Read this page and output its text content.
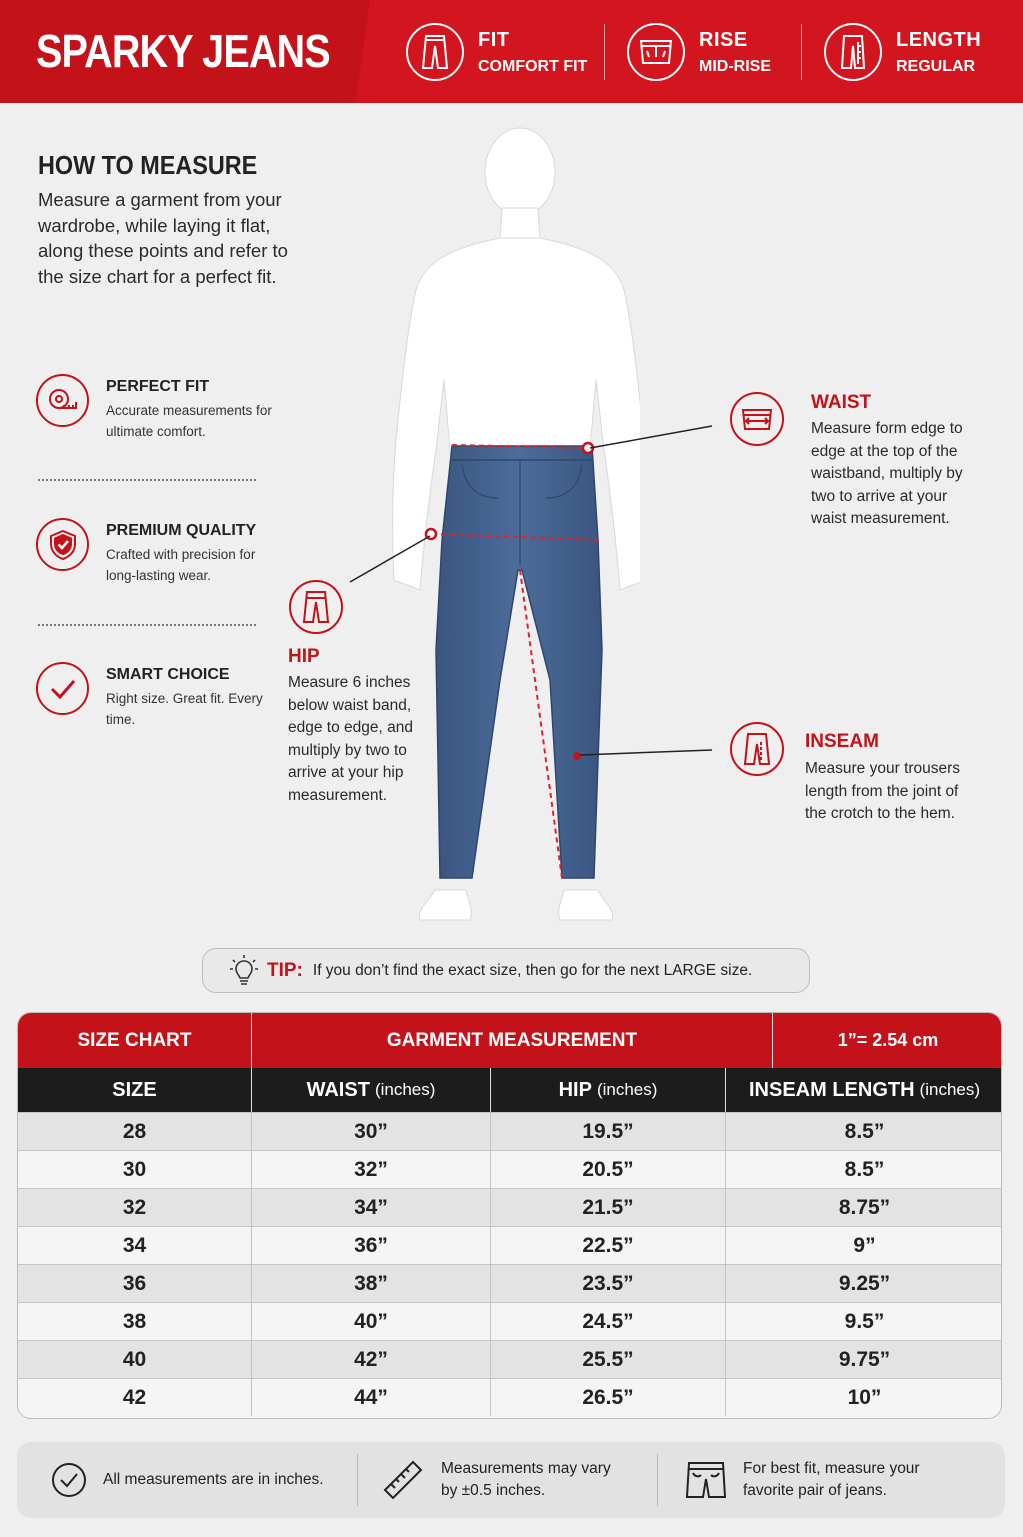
SPARKY JEANS	FIT
COMFORT FIT
RISE
MID-RISE
LENGTH
REGULAR
HOW TO MEASURE
Measure a garment from your wardrobe, while laying it flat, along these points and refer to the size chart for a perfect fit.
PERFECT FIT
Accurate measurements for ultimate comfort.
PREMIUM QUALITY
Crafted with precision for long-lasting wear.
SMART CHOICE
Right size. Great fit. Every time.
WAIST
Measure form edge to edge at the top of the waistband, multiply by two to arrive at your waist measurement.
HIP
Measure 6 inches below waist band, edge to edge, and multiply by two to arrive at your hip measurement.
INSEAM
Measure your trousers length from the joint of the crotch to the hem.
TIP: If you don’t find the exact size, then go for the next LARGE size.
SIZE CHART	GARMENT MEASUREMENT	1”= 2.54 cm
SIZE	WAIST (inches)	HIP (inches)	INSEAM LENGTH (inches)
28	30”	19.5”	8.5”
30	32”	20.5”	8.5”
32	34”	21.5”	8.75”
34	36”	22.5”	9”
36	38”	23.5”	9.25”
38	40”	24.5”	9.5”
40	42”	25.5”	9.75”
42	44”	26.5”	10”
All measurements are in inches.
Measurements may vary by ±0.5 inches.
For best fit, measure your favorite pair of jeans.
